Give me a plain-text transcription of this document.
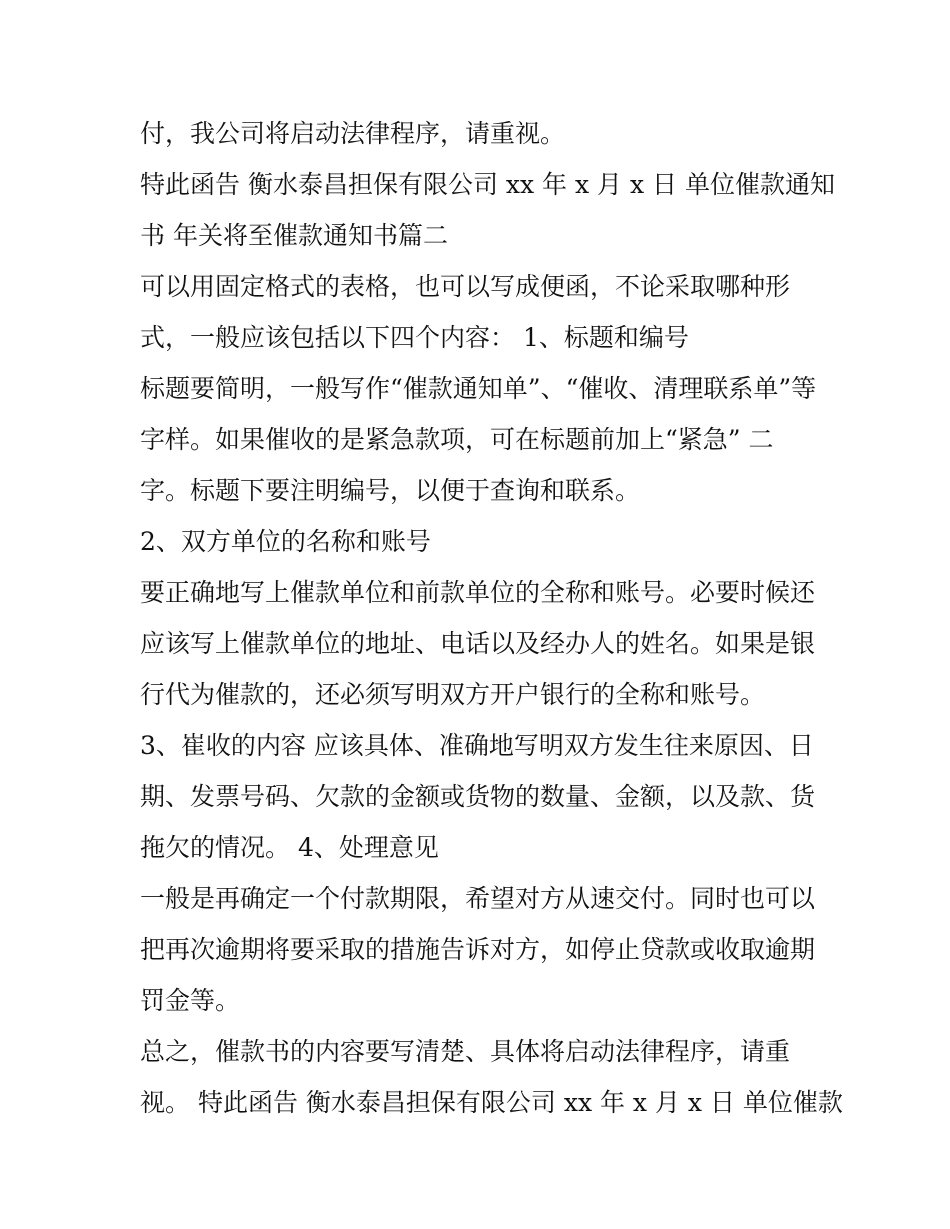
付，我公司将启动法律程序，请重视。

特此函告 衡水泰昌担保有限公司 xx 年 x 月 x 日 单位催款通知

书 年关将至催款通知书篇二

可以用固定格式的表格，也可以写成便函，不论采取哪种形

式，一般应该包括以下四个内容： 1、标题和编号

标题要简明，一般写作“催款通知单”、“催收、清理联系单”等

字样。如果催收的是紧急款项，可在标题前加上“紧急” 二

字。标题下要注明编号，以便于查询和联系。

2、双方单位的名称和账号

要正确地写上催款单位和前款单位的全称和账号。必要时候还

应该写上催款单位的地址、电话以及经办人的姓名。如果是银

行代为催款的，还必须写明双方开户银行的全称和账号。

3、崔收的内容 应该具体、准确地写明双方发生往来原因、日

期、发票号码、欠款的金额或货物的数量、金额，以及款、货

拖欠的情况。 4、处理意见

一般是再确定一个付款期限，希望对方从速交付。同时也可以

把再次逾期将要采取的措施告诉对方，如停止贷款或收取逾期

罚金等。

总之，催款书的内容要写清楚、具体将启动法律程序，请重

视。 特此函告 衡水泰昌担保有限公司 xx 年 x 月 x 日 单位催款
